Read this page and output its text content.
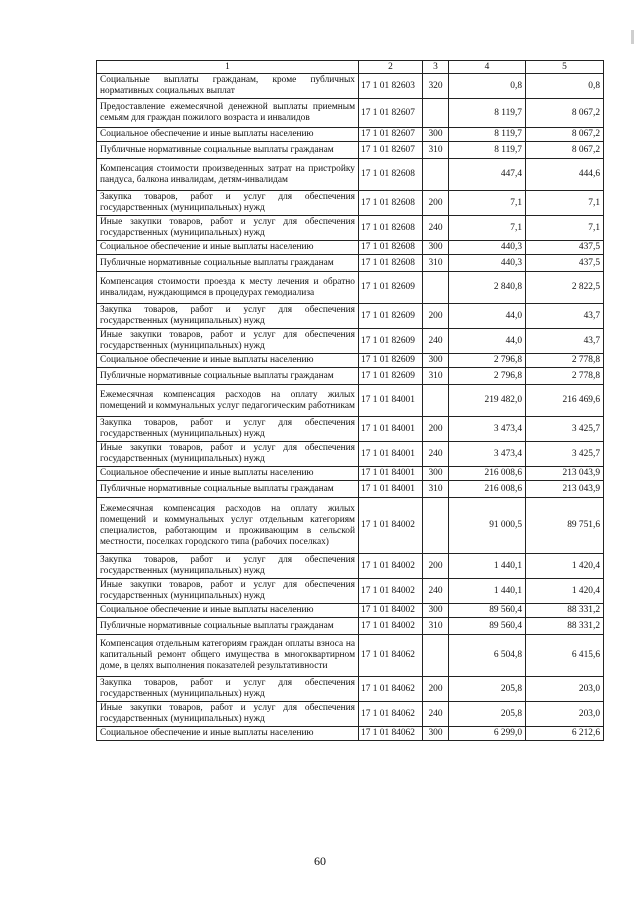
1	2	3	4	5
Социальные выплаты гражданам, кроме публичных нормативных социальных выплат	17 1 01 82603	320	0,8	0,8
Предоставление ежемесячной денежной выплаты приемным семьям для граждан пожилого возраста и инвалидов	17 1 01 82607		8 119,7	8 067,2
Социальное обеспечение и иные выплаты населению	17 1 01 82607	300	8 119,7	8 067,2
Публичные нормативные социальные выплаты гражданам	17 1 01 82607	310	8 119,7	8 067,2
Компенсация стоимости произведенных затрат на пристройку пандуса, балкона инвалидам, детям-инвалидам	17 1 01 82608		447,4	444,6
Закупка товаров, работ и услуг для обеспечения государственных (муниципальных) нужд	17 1 01 82608	200	7,1	7,1
Иные закупки товаров, работ и услуг для обеспечения государственных (муниципальных) нужд	17 1 01 82608	240	7,1	7,1
Социальное обеспечение и иные выплаты населению	17 1 01 82608	300	440,3	437,5
Публичные нормативные социальные выплаты гражданам	17 1 01 82608	310	440,3	437,5
Компенсация стоимости проезда к месту лечения и обратно инвалидам, нуждающимся в процедурах гемодиализа	17 1 01 82609		2 840,8	2 822,5
Закупка товаров, работ и услуг для обеспечения государственных (муниципальных) нужд	17 1 01 82609	200	44,0	43,7
Иные закупки товаров, работ и услуг для обеспечения государственных (муниципальных) нужд	17 1 01 82609	240	44,0	43,7
Социальное обеспечение и иные выплаты населению	17 1 01 82609	300	2 796,8	2 778,8
Публичные нормативные социальные выплаты гражданам	17 1 01 82609	310	2 796,8	2 778,8
Ежемесячная компенсация расходов на оплату жилых помещений и коммунальных услуг педагогическим работникам	17 1 01 84001		219 482,0	216 469,6
Закупка товаров, работ и услуг для обеспечения государственных (муниципальных) нужд	17 1 01 84001	200	3 473,4	3 425,7
Иные закупки товаров, работ и услуг для обеспечения государственных (муниципальных) нужд	17 1 01 84001	240	3 473,4	3 425,7
Социальное обеспечение и иные выплаты населению	17 1 01 84001	300	216 008,6	213 043,9
Публичные нормативные социальные выплаты гражданам	17 1 01 84001	310	216 008,6	213 043,9
Ежемесячная компенсация расходов на оплату жилых помещений и коммунальных услуг отдельным категориям специалистов, работающим и проживающим в сельской местности, поселках городского типа (рабочих поселках)	17 1 01 84002		91 000,5	89 751,6
Закупка товаров, работ и услуг для обеспечения государственных (муниципальных) нужд	17 1 01 84002	200	1 440,1	1 420,4
Иные закупки товаров, работ и услуг для обеспечения государственных (муниципальных) нужд	17 1 01 84002	240	1 440,1	1 420,4
Социальное обеспечение и иные выплаты населению	17 1 01 84002	300	89 560,4	88 331,2
Публичные нормативные социальные выплаты гражданам	17 1 01 84002	310	89 560,4	88 331,2
Компенсация отдельным категориям граждан оплаты взноса на капитальный ремонт общего имущества в многоквартирном доме, в целях выполнения показателей результативности	17 1 01 84062		6 504,8	6 415,6
Закупка товаров, работ и услуг для обеспечения государственных (муниципальных) нужд	17 1 01 84062	200	205,8	203,0
Иные закупки товаров, работ и услуг для обеспечения государственных (муниципальных) нужд	17 1 01 84062	240	205,8	203,0
Социальное обеспечение и иные выплаты населению	17 1 01 84062	300	6 299,0	6 212,6
60
